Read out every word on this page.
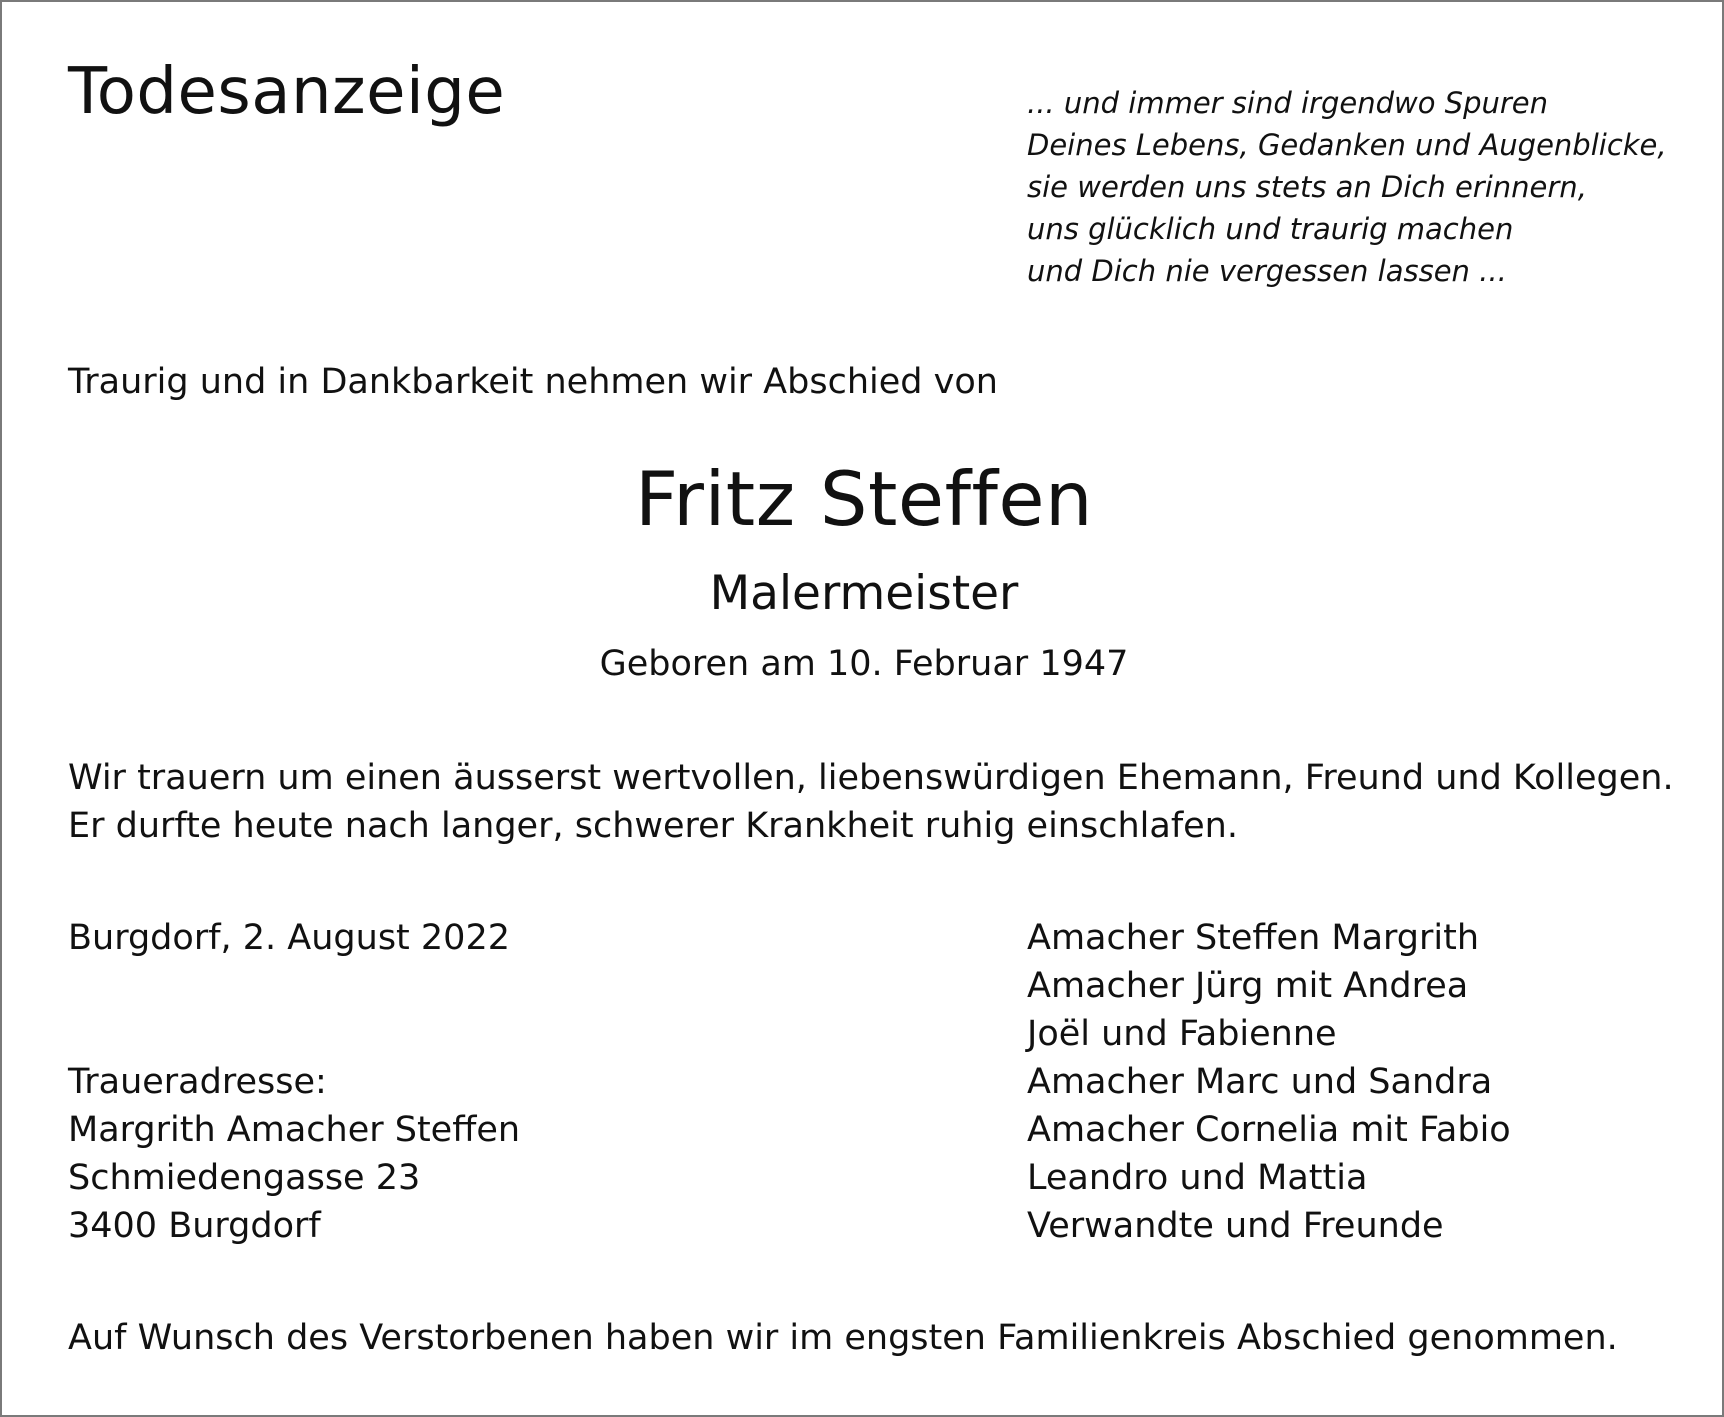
Todesanzeige	... und immer sind irgendwo Spuren
Deines Lebens, Gedanken und Augenblicke,
sie werden uns stets an Dich erinnern,
uns glücklich und traurig machen
und Dich nie vergessen lassen ...
Traurig und in Dankbarkeit nehmen wir Abschied von
Fritz Steffen
Malermeister
Geboren am 10. Februar 1947
Wir trauern um einen äusserst wertvollen, liebenswürdigen Ehemann, Freund und Kollegen.
Er durfte heute nach langer, schwerer Krankheit ruhig einschlafen.
Burgdorf, 2. August 2022
Traueradresse:
Margrith Amacher Steffen
Schmiedengasse 23
3400 Burgdorf
Amacher Steffen Margrith
Amacher Jürg mit Andrea
Joël und Fabienne
Amacher Marc und Sandra
Amacher Cornelia mit Fabio
Leandro und Mattia
Verwandte und Freunde
Auf Wunsch des Verstorbenen haben wir im engsten Familienkreis Abschied genommen.
